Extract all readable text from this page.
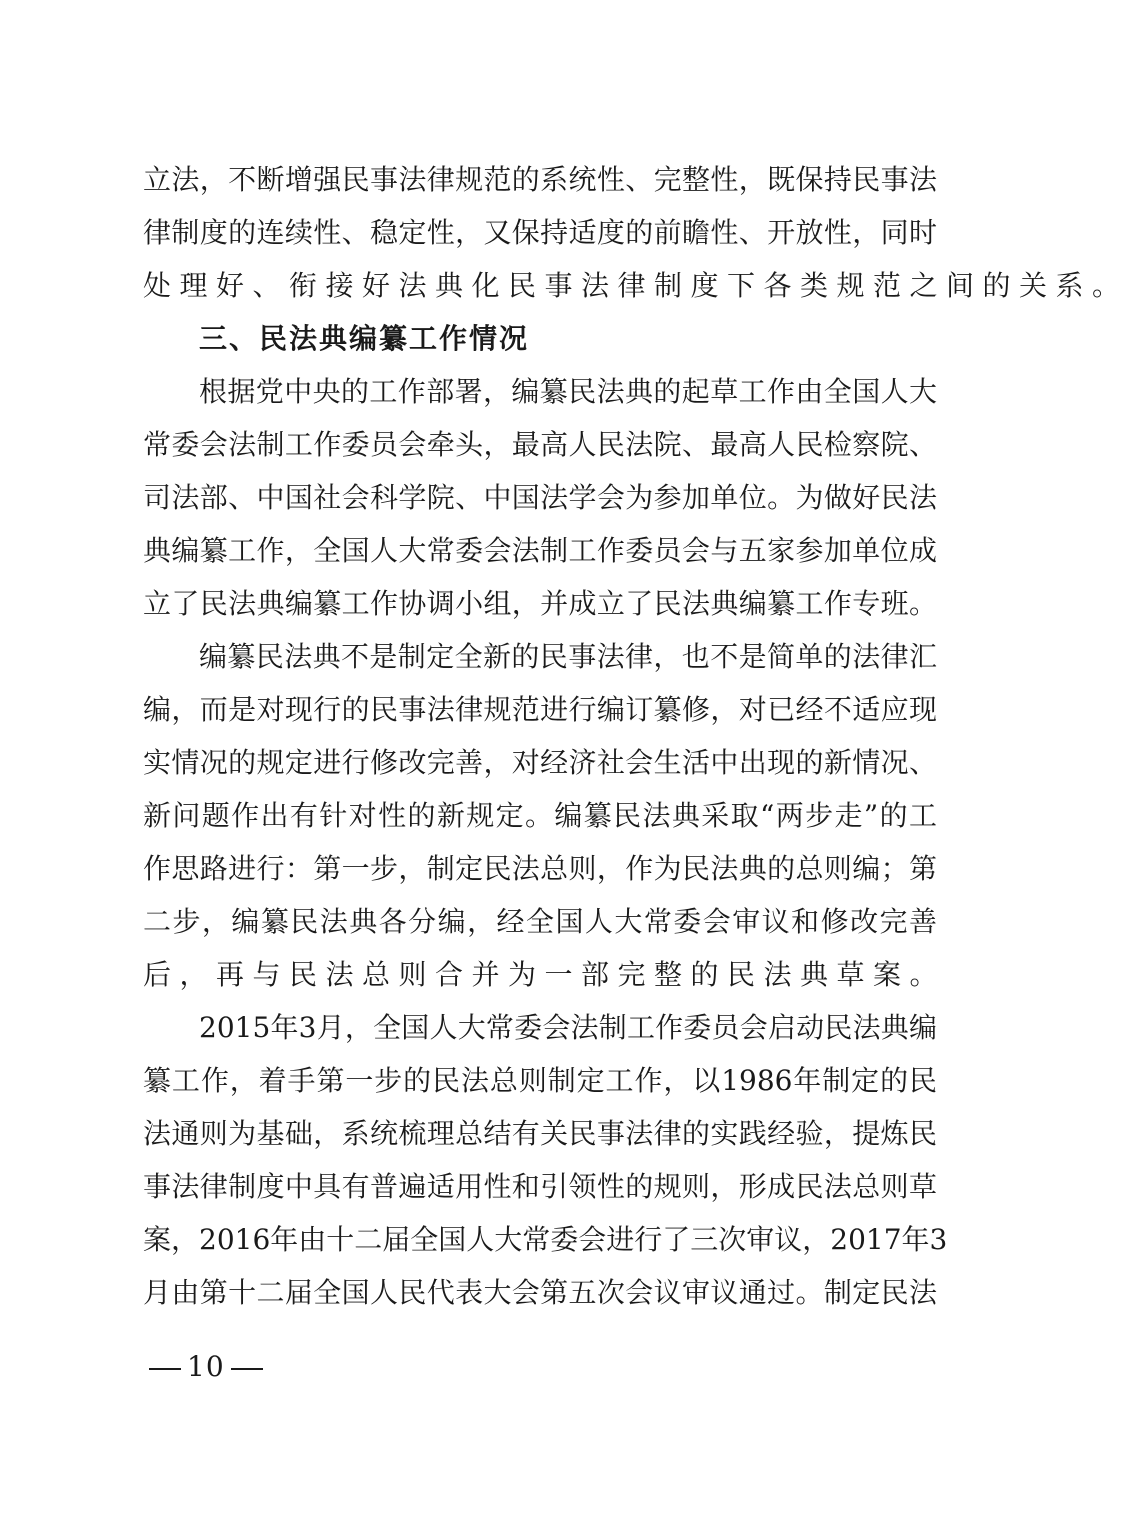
立法，不断增强民事法律规范的系统性、完整性，既保持民事法
律制度的连续性、稳定性，又保持适度的前瞻性、开放性，同时
处理好、衔接好法典化民事法律制度下各类规范之间的关系。
三、民法典编纂工作情况
根据党中央的工作部署，编纂民法典的起草工作由全国人大
常委会法制工作委员会牵头，最高人民法院、最高人民检察院、
司法部、中国社会科学院、中国法学会为参加单位。为做好民法
典编纂工作，全国人大常委会法制工作委员会与五家参加单位成
立了民法典编纂工作协调小组，并成立了民法典编纂工作专班。
编纂民法典不是制定全新的民事法律，也不是简单的法律汇
编，而是对现行的民事法律规范进行编订纂修，对已经不适应现
实情况的规定进行修改完善，对经济社会生活中出现的新情况、
新问题作出有针对性的新规定。编纂民法典采取“两步走”的工
作思路进行：第一步，制定民法总则，作为民法典的总则编；第
二步，编纂民法典各分编，经全国人大常委会审议和修改完善
后，再与民法总则合并为一部完整的民法典草案。
2015年3月，全国人大常委会法制工作委员会启动民法典编
纂工作，着手第一步的民法总则制定工作，以1986年制定的民
法通则为基础，系统梳理总结有关民事法律的实践经验，提炼民
事法律制度中具有普遍适用性和引领性的规则，形成民法总则草
案，2016年由十二届全国人大常委会进行了三次审议，2017年3
月由第十二届全国人民代表大会第五次会议审议通过。制定民法
10
